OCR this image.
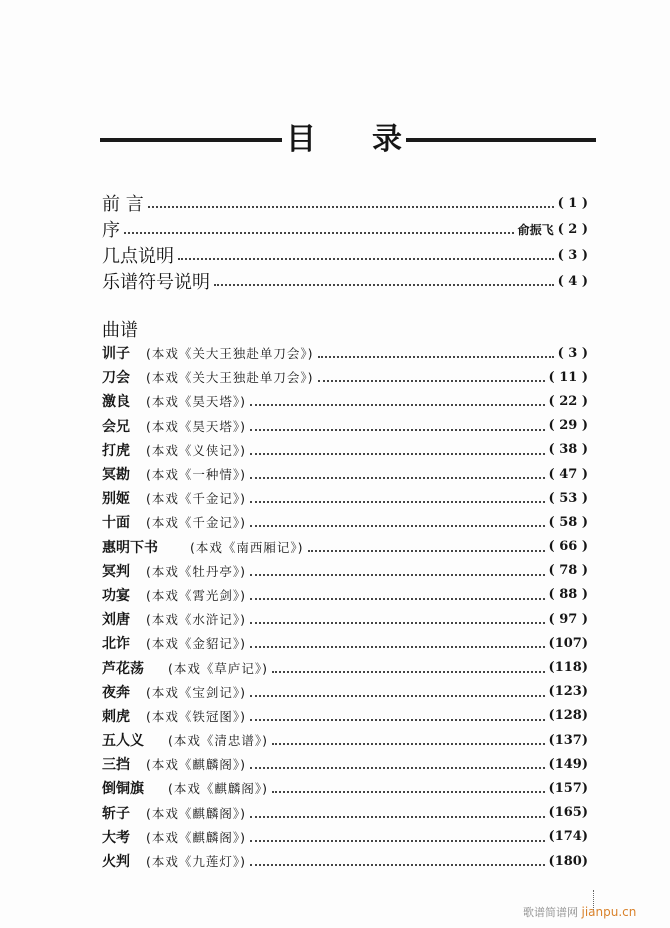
目 录
前 言	( 1 )
序	俞振飞 ( 2 )
几点说明	( 3 )
乐谱符号说明	( 4 )
曲谱
训子	(本戏《关大王独赴单刀会》)	( 3 )
刀会	(本戏《关大王独赴单刀会》)	( 11 )
激良	(本戏《昊天塔》)	( 22 )
会兄	(本戏《昊天塔》)	( 29 )
打虎	(本戏《义侠记》)	( 38 )
冥勘	(本戏《一种情》)	( 47 )
别姬	(本戏《千金记》)	( 53 )
十面	(本戏《千金记》)	( 58 )
惠明下书	(本戏《南西厢记》)	( 66 )
冥判	(本戏《牡丹亭》)	( 78 )
功宴	(本戏《霄光剑》)	( 88 )
刘唐	(本戏《水浒记》)	( 97 )
北诈	(本戏《金貂记》)	(107)
芦花荡	(本戏《草庐记》)	(118)
夜奔	(本戏《宝剑记》)	(123)
刺虎	(本戏《铁冠图》)	(128)
五人义	(本戏《清忠谱》)	(137)
三挡	(本戏《麒麟阁》)	(149)
倒铜旗	(本戏《麒麟阁》)	(157)
斩子	(本戏《麒麟阁》)	(165)
大考	(本戏《麒麟阁》)	(174)
火判	(本戏《九莲灯》)	(180)
歌谱简谱网 jianpu.cn
